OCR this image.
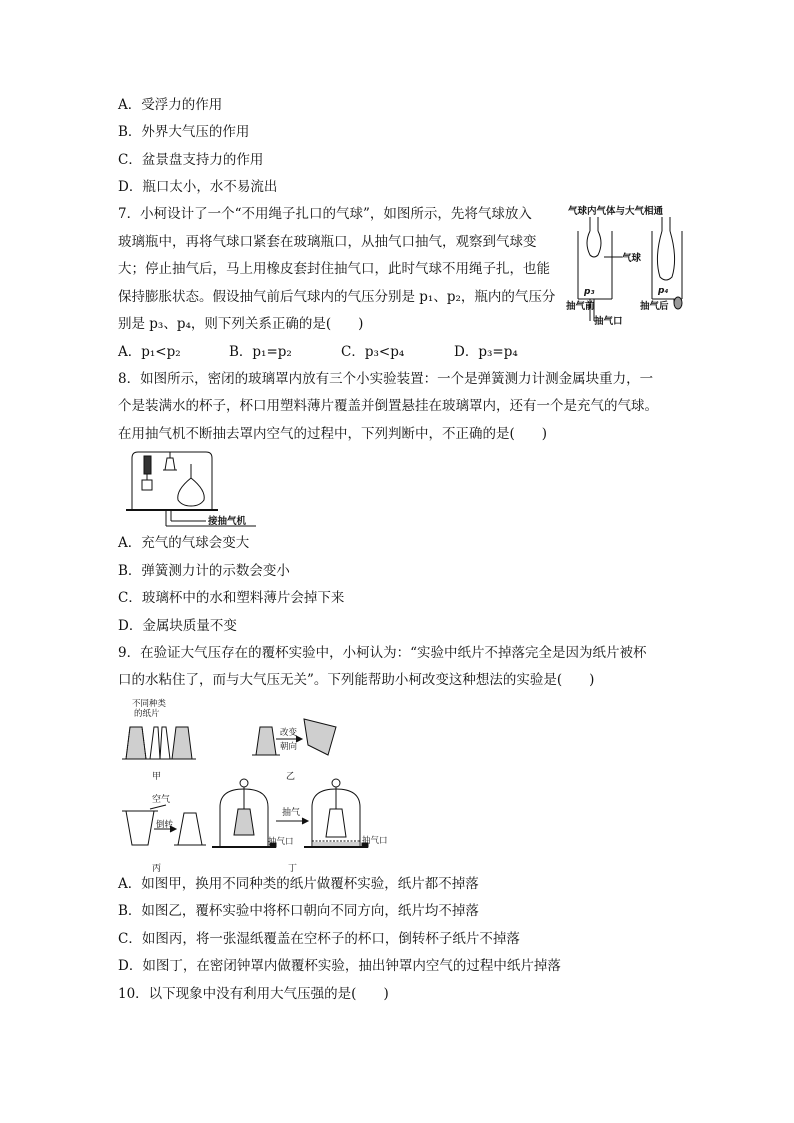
A．受浮力的作用
B．外界大气压的作用
C．盆景盘支持力的作用
D．瓶口太小，水不易流出
7．小柯设计了一个“不用绳子扎口的气球”，如图所示，先将气球放入
玻璃瓶中，再将气球口紧套在玻璃瓶口，从抽气口抽气，观察到气球变
大；停止抽气后，马上用橡皮套封住抽气口，此时气球不用绳子扎，也能
保持膨胀状态。假设抽气前后气球内的气压分别是 p₁、p₂，瓶内的气压分
别是 p₃、p₄，则下列关系正确的是(　　)
A．p₁<p₂	B．p₁=p₂	C．p₃<p₄	D．p₃=p₄
气球内气体与大气相通
p₃
抽气前
抽气口
气球
p₄
抽气后
8．如图所示，密闭的玻璃罩内放有三个小实验装置：一个是弹簧测力计测金属块重力，一
个是装满水的杯子，杯口用塑料薄片覆盖并倒置悬挂在玻璃罩内，还有一个是充气的气球。
在用抽气机不断抽去罩内空气的过程中，下列判断中，不正确的是(　　)
接抽气机
A．充气的气球会变大
B．弹簧测力计的示数会变小
C．玻璃杯中的水和塑料薄片会掉下来
D．金属块质量不变
9．在验证大气压存在的覆杯实验中，小柯认为：“实验中纸片不掉落完全是因为纸片被杯
口的水粘住了，而与大气压无关”。下列能帮助小柯改变这种想法的实验是(　　)
不同种类
的纸片
甲
改变
朝向
乙
空气
倒转
丙
抽气口
抽气
抽气口
丁
A．如图甲，换用不同种类的纸片做覆杯实验，纸片都不掉落
B．如图乙，覆杯实验中将杯口朝向不同方向，纸片均不掉落
C．如图丙，将一张湿纸覆盖在空杯子的杯口，倒转杯子纸片不掉落
D．如图丁，在密闭钟罩内做覆杯实验，抽出钟罩内空气的过程中纸片掉落
10．以下现象中没有利用大气压强的是(　　)
